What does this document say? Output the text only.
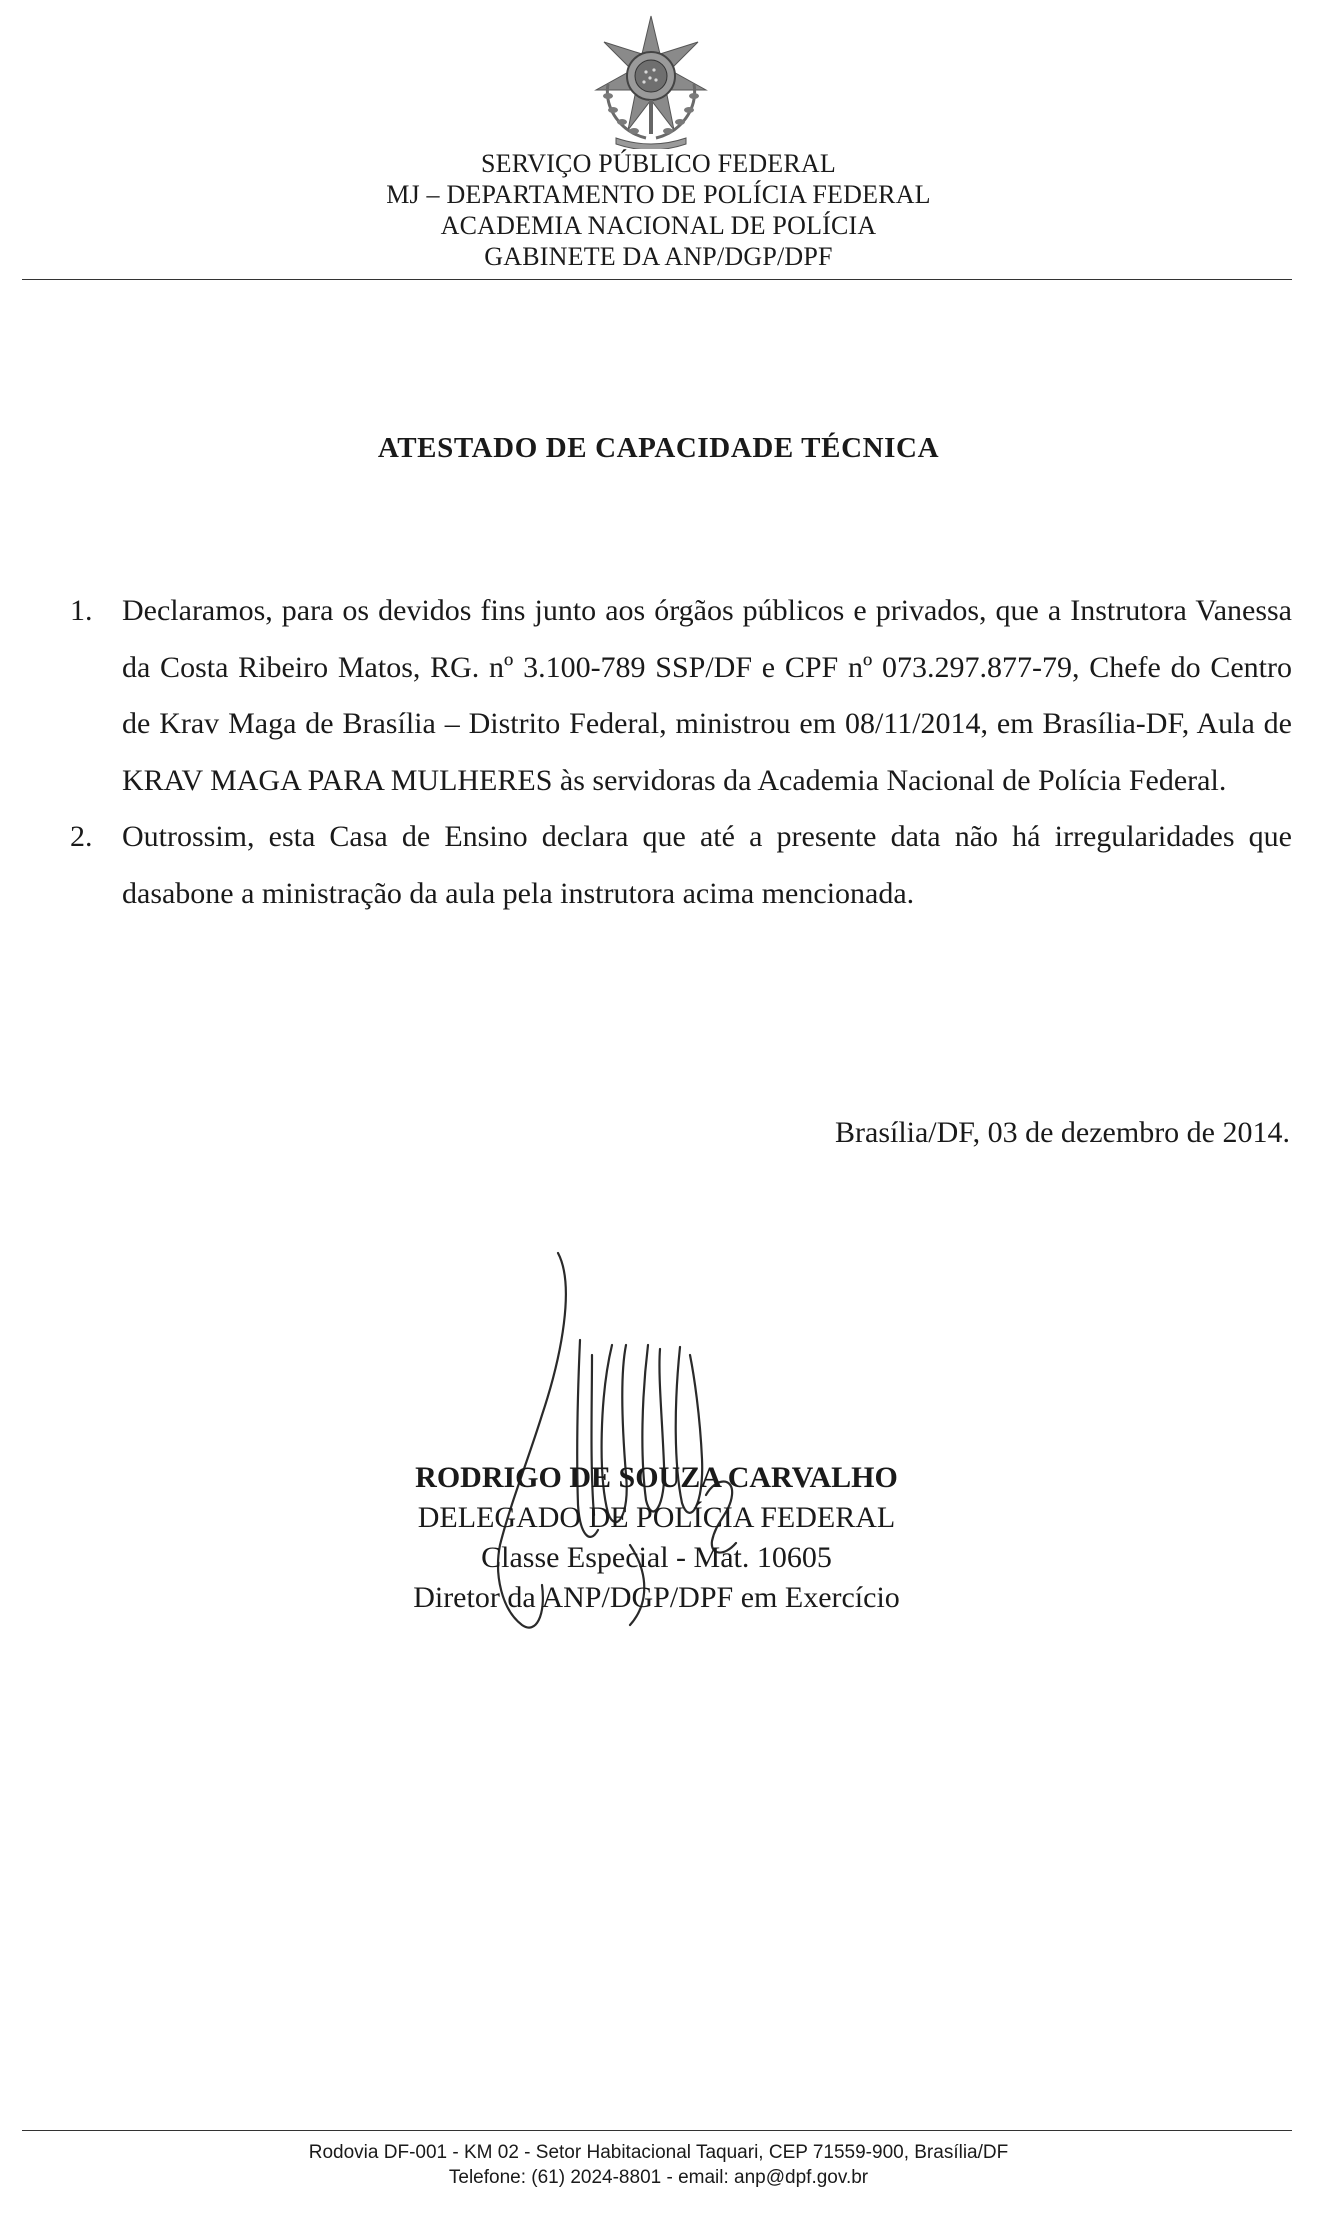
SERVIÇO PÚBLICO FEDERAL
MJ – DEPARTAMENTO DE POLÍCIA FEDERAL
ACADEMIA NACIONAL DE POLÍCIA
GABINETE DA ANP/DGP/DPF
ATESTADO DE CAPACIDADE TÉCNICA
1. Declaramos, para os devidos fins junto aos órgãos públicos e privados, que a Instrutora Vanessa da Costa Ribeiro Matos, RG. nº 3.100-789 SSP/DF e CPF nº 073.297.877-79, Chefe do Centro de Krav Maga de Brasília – Distrito Federal, ministrou em 08/11/2014, em Brasília-DF, Aula de KRAV MAGA PARA MULHERES às servidoras da Academia Nacional de Polícia Federal.
2. Outrossim, esta Casa de Ensino declara que até a presente data não há irregularidades que dasabone a ministração da aula pela instrutora acima mencionada.
Brasília/DF, 03 de dezembro de 2014.
RODRIGO DE SOUZA CARVALHO
DELEGADO DE POLÍCIA FEDERAL
Classe Especial - Mat. 10605
Diretor da ANP/DGP/DPF em Exercício
Rodovia DF-001 - KM 02 - Setor Habitacional Taquari, CEP 71559-900, Brasília/DF
Telefone: (61) 2024-8801 - email: anp@dpf.gov.br
